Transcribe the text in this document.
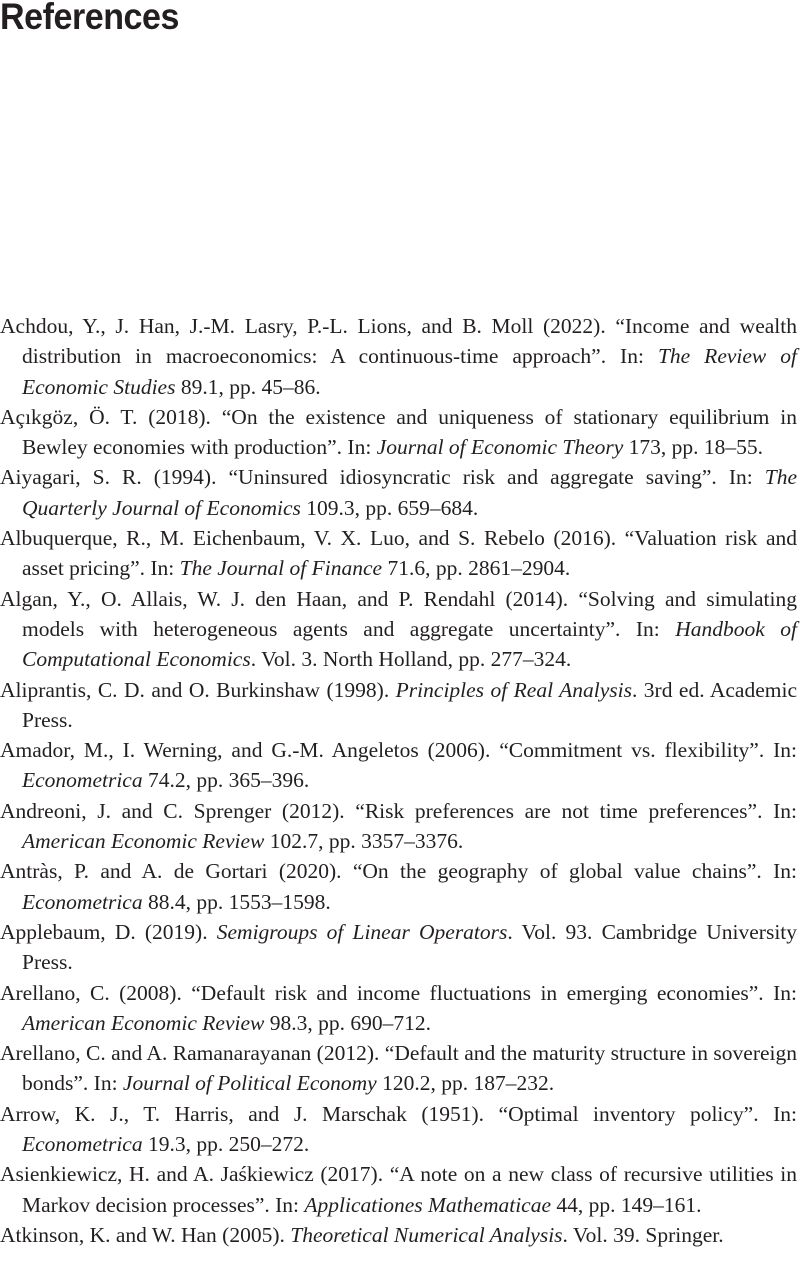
References

Achdou, Y., J. Han, J.-M. Lasry, P.-L. Lions, and B. Moll (2022). “Income and wealth distribution in macroeconomics: A continuous-time approach”. In: The Review of Economic Studies 89.1, pp. 45–86.

Açıkgöz, Ö. T. (2018). “On the existence and uniqueness of stationary equilibrium in Bewley economies with production”. In: Journal of Economic Theory 173, pp. 18–55.

Aiyagari, S. R. (1994). “Uninsured idiosyncratic risk and aggregate saving”. In: The Quarterly Journal of Economics 109.3, pp. 659–684.

Albuquerque, R., M. Eichenbaum, V. X. Luo, and S. Rebelo (2016). “Valuation risk and asset pricing”. In: The Journal of Finance 71.6, pp. 2861–2904.

Algan, Y., O. Allais, W. J. den Haan, and P. Rendahl (2014). “Solving and simulating models with heterogeneous agents and aggregate uncertainty”. In: Handbook of Computational Economics. Vol. 3. North Holland, pp. 277–324.

Aliprantis, C. D. and O. Burkinshaw (1998). Principles of Real Analysis. 3rd ed. Academic Press.

Amador, M., I. Werning, and G.-M. Angeletos (2006). “Commitment vs. flexibility”. In: Econometrica 74.2, pp. 365–396.

Andreoni, J. and C. Sprenger (2012). “Risk preferences are not time preferences”. In: American Economic Review 102.7, pp. 3357–3376.

Antràs, P. and A. de Gortari (2020). “On the geography of global value chains”. In: Econometrica 88.4, pp. 1553–1598.

Applebaum, D. (2019). Semigroups of Linear Operators. Vol. 93. Cambridge University Press.

Arellano, C. (2008). “Default risk and income fluctuations in emerging economies”. In: American Economic Review 98.3, pp. 690–712.

Arellano, C. and A. Ramanarayanan (2012). “Default and the maturity structure in sovereign bonds”. In: Journal of Political Economy 120.2, pp. 187–232.

Arrow, K. J., T. Harris, and J. Marschak (1951). “Optimal inventory policy”. In: Econometrica 19.3, pp. 250–272.

Asienkiewicz, H. and A. Jaśkiewicz (2017). “A note on a new class of recursive utilities in Markov decision processes”. In: Applicationes Mathematicae 44, pp. 149–161.

Atkinson, K. and W. Han (2005). Theoretical Numerical Analysis. Vol. 39. Springer.
